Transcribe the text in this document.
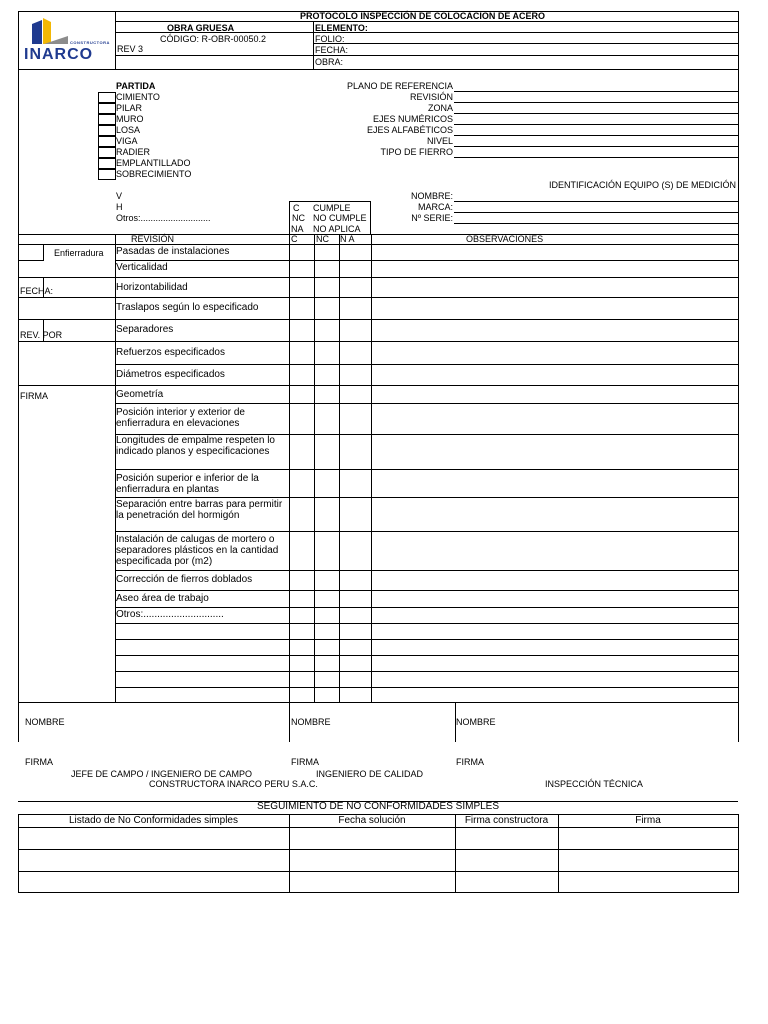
CONSTRUCTORA
INARCO
PROTOCOLO INSPECCIÓN DE COLOCACION DE ACERO
OBRA GRUESA
CÓDIGO: R-OBR-00050.2
REV 3
ELEMENTO:
FOLIO:
FECHA:
OBRA:
PARTIDA
CIMIENTO
PILAR
MURO
LOSA
VIGA
RADIER
EMPLANTILLADO
SOBRECIMIENTO
PLANO DE REFERENCIA
REVISIÓN
ZONA
EJES NUMÉRICOS
EJES ALFABÉTICOS
NIVEL
TIPO DE FIERRO
IDENTIFICACIÓN EQUIPO (S) DE MEDICIÓN
NOMBRE:
MARCA:
Nº SERIE:
V
H
Otros:............................
C CUMPLE
NC NO CUMPLE
NA NO APLICA
REVISIÓN	C NC N A	OBSERVACIONES
Enfierradura
FECHA:
REV. POR
FIRMA
Pasadas de instalaciones
Verticalidad
Horizontabilidad
Traslapos según lo especificado
Separadores
Refuerzos especificados
Diámetros especificados
Geometría
Posición interior y exterior de enfierradura en elevaciones
Longitudes de empalme respeten lo indicado planos y especificaciones
Posición superior e inferior de la enfierradura en plantas
Separación entre barras para permitir la penetración del hormigón
Instalación de calugas de mortero o separadores plásticos en la cantidad especificada por (m2)
Corrección de fierros doblados
Aseo área de trabajo
Otros:.............................
NOMBRE	NOMBRE	NOMBRE
FIRMA	FIRMA	FIRMA
JEFE DE CAMPO / INGENIERO DE CAMPO
CONSTRUCTORA INARCO PERU S.A.C.
INGENIERO DE CALIDAD
INSPECCIÓN TÉCNICA
SEGUIMIENTO DE NO CONFORMIDADES SIMPLES
Listado de No Conformidades simples	Fecha solución	Firma constructora	Firma
